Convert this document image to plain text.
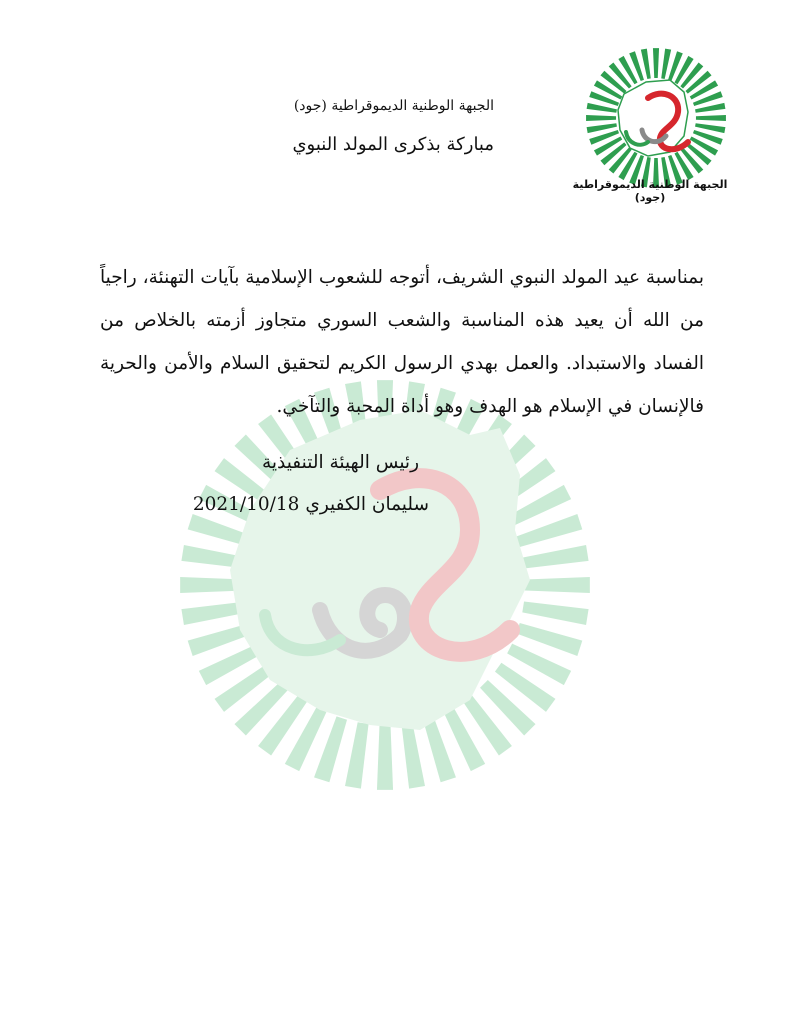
الجبهة الوطنية الديموقراطية (جود)
الجبهة الوطنية الديموقراطية (جود)
مباركة بذكرى المولد النبوي
بمناسبة عيد المولد النبوي الشريف، أتوجه للشعوب الإسلامية بآيات التهنئة، راجياً من الله أن يعيد هذه المناسبة والشعب السوري متجاوز أزمته بالخلاص من الفساد والاستبداد. والعمل بهدي الرسول الكريم لتحقيق السلام والأمن والحرية فالإنسان في الإسلام هو الهدف وهو أداة المحبة والتآخي.
رئيس الهيئة التنفيذية
سليمان الكفيري 2021/10/18
